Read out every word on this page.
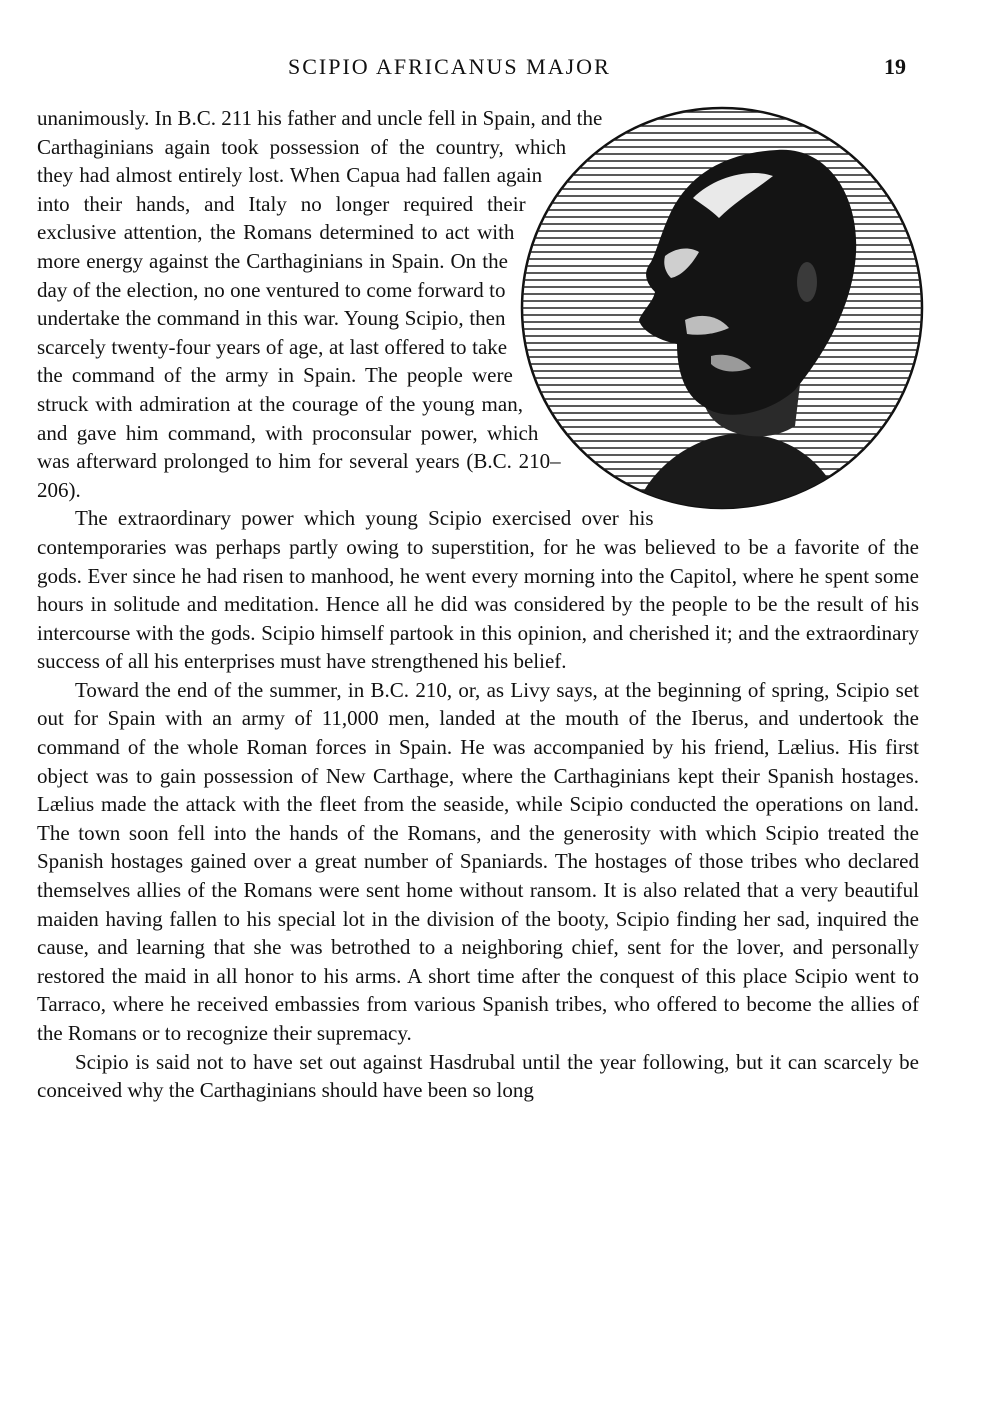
SCIPIO AFRICANUS MAJOR	19

unanimously. In B.C. 211 his father and uncle fell in Spain, and the Carthaginians again took possession of the country, which they had almost entirely lost. When Capua had fallen again into their hands, and Italy no longer required their exclusive attention, the Romans determined to act with more energy against the Carthaginians in Spain. On the day of the election, no one ventured to come forward to undertake the command in this war. Young Scipio, then scarcely twenty-four years of age, at last offered to take the command of the army in Spain. The people were struck with admiration at the courage of the young man, and gave him command, with proconsular power, which was afterward prolonged to him for several years (B.C. 210–206).

The extraordinary power which young Scipio exercised over his contemporaries was perhaps partly owing to superstition, for he was believed to be a favorite of the gods. Ever since he had risen to manhood, he went every morning into the Capitol, where he spent some hours in solitude and meditation. Hence all he did was considered by the people to be the result of his intercourse with the gods. Scipio himself partook in this opinion, and cherished it; and the extraordinary success of all his enterprises must have strengthened his belief.

Toward the end of the summer, in B.C. 210, or, as Livy says, at the beginning of spring, Scipio set out for Spain with an army of 11,000 men, landed at the mouth of the Iberus, and undertook the command of the whole Roman forces in Spain. He was accompanied by his friend, Lælius. His first object was to gain possession of New Carthage, where the Carthaginians kept their Spanish hostages. Lælius made the attack with the fleet from the seaside, while Scipio conducted the operations on land. The town soon fell into the hands of the Romans, and the generosity with which Scipio treated the Spanish hostages gained over a great number of Spaniards. The hostages of those tribes who declared themselves allies of the Romans were sent home without ransom. It is also related that a very beautiful maiden having fallen to his special lot in the division of the booty, Scipio finding her sad, inquired the cause, and learning that she was betrothed to a neighboring chief, sent for the lover, and personally restored the maid in all honor to his arms. A short time after the conquest of this place Scipio went to Tarraco, where he received embassies from various Spanish tribes, who offered to become the allies of the Romans or to recognize their supremacy.

Scipio is said not to have set out against Hasdrubal until the year following, but it can scarcely be conceived why the Carthaginians should have been so long
